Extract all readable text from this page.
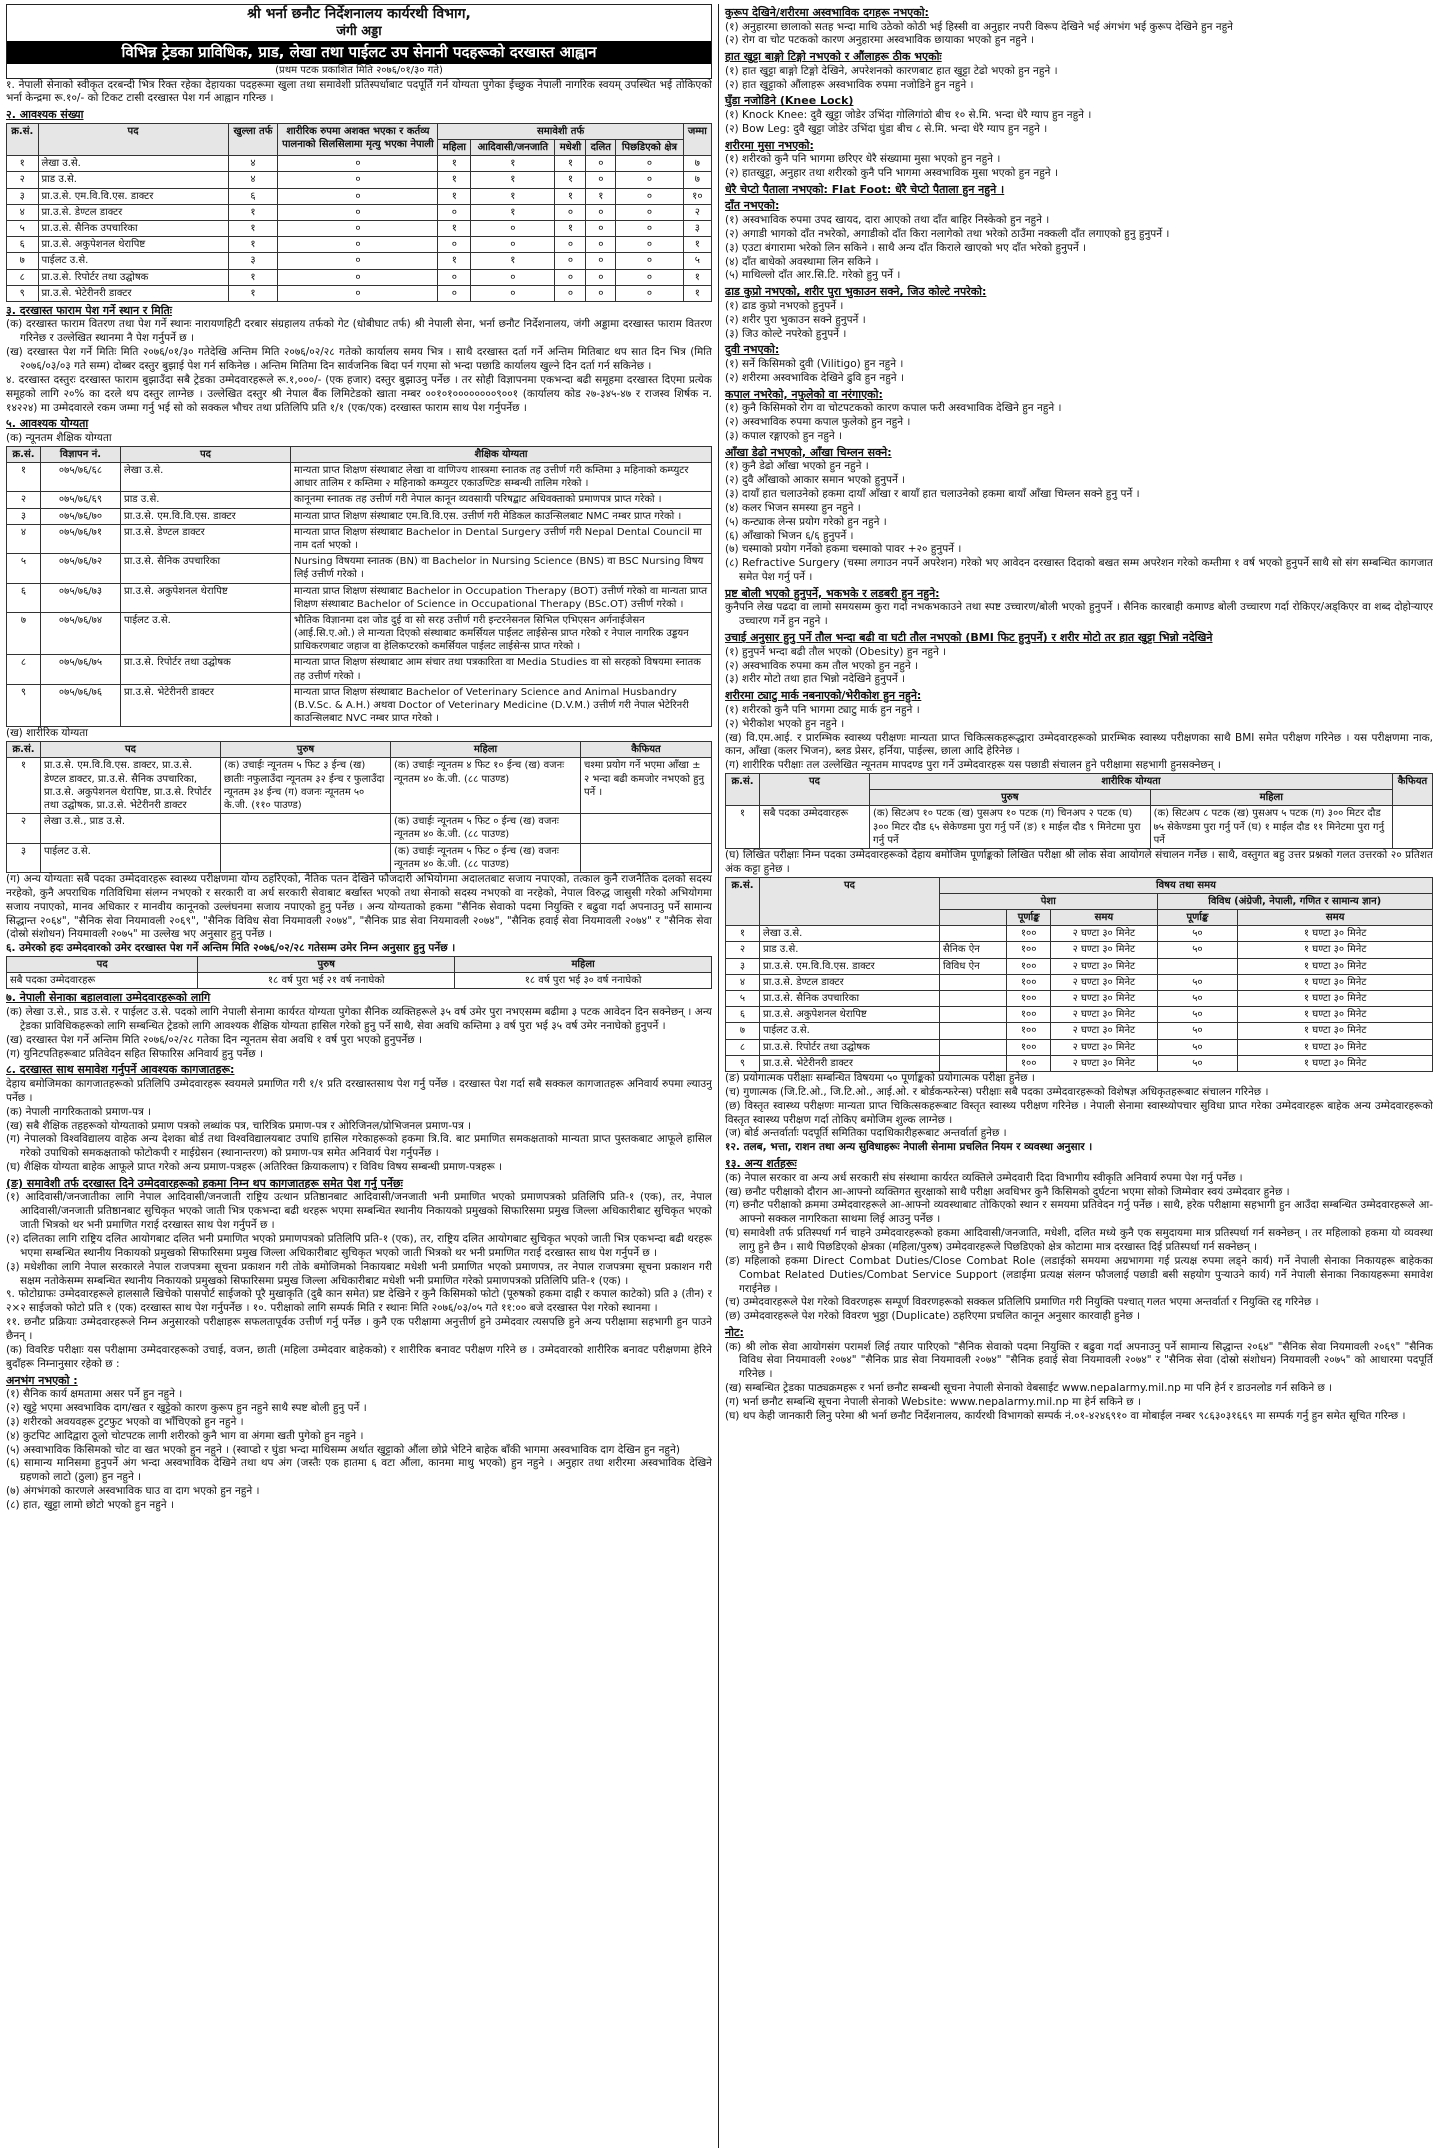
श्री भर्ना छनौट निर्देशनालय कार्यरथी विभाग,
जंगी अड्डा
विभिन्न ट्रेडका प्राविधिक, प्राड, लेखा तथा पाईलट उप सेनानी पदहरूको दरखास्त आह्वान
(प्रथम पटक प्रकाशित मिति २०७६/०१/३० गते)

१. नेपाली सेनाको स्वीकृत दरबन्दी भित्र रिक्त रहेका देहायका पदहरूमा खुला तथा समावेशी प्रतिस्पर्धाबाट पदपूर्ति गर्न योग्यता पुगेका ईच्छुक नेपाली नागरिक स्वयम् उपस्थित भई तोकिएको भर्ना केन्द्रमा रू.१०/- को टिकट टासी दरखास्त पेश गर्न आह्वान गरिन्छ ।

२. आवश्यक संख्या
क्र.सं.	पद	खुल्ला तर्फ	शारीरिक रुपमा अशक्त भएका र कर्तव्य पालनाको सिलसिलामा मृत्यु भएका नेपाली	समावेशी तर्फ					जम्मा
				महिला	आदिवासी/जनजाति	मधेशी	दलित	पिछडिएको क्षेत्र	
१	लेखा उ.से.	४	०	१	१	१	०	०	७
२	प्राड उ.से.	४	०	१	१	१	०	०	७
३	प्रा.उ.से. एम.वि.वि.एस. डाक्टर	६	०	१	१	१	१	०	१०
४	प्रा.उ.से. डेण्टल डाक्टर	१	०	०	१	०	०	०	२
५	प्रा.उ.से. सैनिक उपचारिका	१	०	१	०	१	०	०	३
६	प्रा.उ.से. अकुपेशनल थेरापिष्ट	१	०	०	०	०	०	०	१
७	पाईलट उ.से.	३	०	१	१	०	०	०	५
८	प्रा.उ.से. रिपोर्टर तथा उद्घोषक	१	०	०	०	०	०	०	१
९	प्रा.उ.से. भेटेरीनरी डाक्टर	१	०	०	०	०	०	०	१
३. दरखास्त फाराम पेश गर्ने स्थान र मितिः
(क) दरखास्त फाराम वितरण तथा पेश गर्ने स्थानः नारायणहिटी दरबार संग्रहालय तर्फको गेट (धोबीघाट तर्फ) श्री नेपाली सेना, भर्ना छनौट निर्देशनालय, जंगी अड्डामा दरखास्त फाराम वितरण गरिनेछ र उल्लेखित स्थानमा नै पेश गर्नुपर्ने छ ।
(ख) दरखास्त पेश गर्ने मितिः मिति २०७६/०१/३० गतेदेखि अन्तिम मिति २०७६/०२/२८ गतेको कार्यालय समय भित्र । साथै दरखास्त दर्ता गर्ने अन्तिम मितिबाट थप सात दिन भित्र (मिति २०७६/०३/०३ गते सम्म) दोब्बर दस्तुर बुझाई पेश गर्न सकिनेछ । अन्तिम मितिमा दिन सार्वजनिक बिदा पर्न गएमा सो भन्दा पछाडि कार्यालय खुल्ने दिन दर्ता गर्न सकिनेछ ।

४. दरखास्त दस्तुरः दरखास्त फाराम बुझाउँदा सबै ट्रेडका उम्मेदवारहरूले रू.१,०००/- (एक हजार) दस्तुर बुझाउनु पर्नेछ । तर सोही विज्ञापनमा एकभन्दा बढी समूहमा दरखास्त दिएमा प्रत्येक समूहको लागि २०% का दरले थप दस्तुर लाग्नेछ । उल्लेखित दस्तुर श्री नेपाल बैंक लिमिटेडको खाता नम्बर ००१०१००००००००९००१ (कार्यालय कोड २७-३४५-४७ र राजस्व शिर्षक न. १४२२४) मा उम्मेदवारले रकम जम्मा गर्नु भई सो को सक्कल भौचर तथा प्रतिलिपि प्रति १/१ (एक/एक) दरखास्त फाराम साथ पेश गर्नुपर्नेछ ।

५. आवश्यक योग्यता
(क) न्यूनतम शैक्षिक योग्यता
क्र.सं.	विज्ञापन नं.	पद	शैक्षिक योग्यता
१	०७५/७६/६८	लेखा उ.से.	मान्यता प्राप्त शिक्षण संस्थाबाट लेखा वा वाणिज्य शास्त्रमा स्नातक तह उत्तीर्ण गरी कम्तिमा ३ महिनाको कम्प्युटर आधार तालिम र कम्तिमा २ महिनाको कम्प्युटर एकाउण्टिङ सम्बन्धी तालिम गरेको ।
२	०७५/७६/६९	प्राड उ.से.	कानूनमा स्नातक तह उत्तीर्ण गरी नेपाल कानून व्यवसायी परिषद्बाट अधिवक्ताको प्रमाणपत्र प्राप्त गरेको ।
३	०७५/७६/७०	प्रा.उ.से. एम.वि.वि.एस. डाक्टर	मान्यता प्राप्त शिक्षण संस्थाबाट एम.वि.वि.एस. उत्तीर्ण गरी मेडिकल काउन्सिलबाट NMC नम्बर प्राप्त गरेको ।
४	०७५/७६/७१	प्रा.उ.से. डेण्टल डाक्टर	मान्यता प्राप्त शिक्षण संस्थाबाट Bachelor in Dental Surgery उत्तीर्ण गरी Nepal Dental Council मा नाम दर्ता भएको ।
५	०७५/७६/७२	प्रा.उ.से. सैनिक उपचारिका	Nursing विषयमा स्नातक (BN) वा Bachelor in Nursing Science (BNS) वा BSC Nursing विषय लिई उत्तीर्ण गरेको ।
६	०७५/७६/७३	प्रा.उ.से. अकुपेशनल थेरापिष्ट	मान्यता प्राप्त शिक्षण संस्थाबाट Bachelor in Occupation Therapy (BOT) उत्तीर्ण गरेको वा मान्यता प्राप्त शिक्षण संस्थाबाट Bachelor of Science in Occupational Therapy (BSc.OT) उत्तीर्ण गरेको ।
७	०७५/७६/७४	पाईलट उ.से.	भौतिक विज्ञानमा दश जोड दुई वा सो सरह उत्तीर्ण गरी इन्टरनेसनल सिभिल एभिएसन अर्गनाईजेसन (आई.सि.ए.ओ.) ले मान्यता दिएको संस्थाबाट कमर्सियल पाईलट लाईसेन्स प्राप्त गरेको र नेपाल नागरिक उड्डयन प्राधिकरणबाट जहाज वा हेलिकप्टरको कमर्सियल पाईलट लाईसेन्स प्राप्त गरेको ।
८	०७५/७६/७५	प्रा.उ.से. रिपोर्टर तथा उद्घोषक	मान्यता प्राप्त शिक्षण संस्थाबाट आम संचार तथा पत्रकारिता वा Media Studies वा सो सरहको विषयमा स्नातक तह उत्तीर्ण गरेको ।
९	०७५/७६/७६	प्रा.उ.से. भेटेरीनरी डाक्टर	मान्यता प्राप्त शिक्षण संस्थाबाट Bachelor of Veterinary Science and Animal Husbandry (B.V.Sc. & A.H.) अथवा Doctor of Veterinary Medicine (D.V.M.) उत्तीर्ण गरी नेपाल भेटेरिनरी काउन्सिलबाट NVC नम्बर प्राप्त गरेको ।
(ख) शारीरिक योग्यता
क्र.सं.	पद	पुरुष	महिला	कैफियत
१	प्रा.उ.से. एम.वि.वि.एस. डाक्टर, प्रा.उ.से. डेण्टल डाक्टर, प्रा.उ.से. सैनिक उपचारिका, प्रा.उ.से. अकुपेशनल थेरापिष्ट, प्रा.उ.से. रिपोर्टर तथा उद्घोषक, प्रा.उ.से. भेटेरीनरी डाक्टर	(क) उचाईः न्यूनतम ५ फिट ३ ईन्च (ख) छातीः नफुलाउँदा न्यूनतम ३२ ईन्च र फुलाउँदा न्यूनतम ३४ ईन्च (ग) वजनः न्यूनतम ५० के.जी. (११० पाउण्ड)	(क) उचाईः न्यूनतम ४ फिट १० ईन्च (ख) वजनः न्यूनतम ४० के.जी. (८८ पाउण्ड)	चश्मा प्रयोग गर्ने भएमा आँखा ± २ भन्दा बढी कमजोर नभएको हुनु पर्ने ।
२	लेखा उ.से., प्राड उ.से.		(क) उचाईः न्यूनतम ५ फिट ० ईन्च (ख) वजनः न्यूनतम ४० के.जी. (८८ पाउण्ड)	
३	पाईलट उ.से.		(क) उचाईः न्यूनतम ५ फिट ० ईन्च (ख) वजनः न्यूनतम ४० के.जी. (८८ पाउण्ड)	

(ग) अन्य योग्यताः सबै पदका उम्मेदवारहरू स्वास्थ्य परीक्षणमा योग्य ठहरिएको, नैतिक पतन देखिने फौजदारी अभियोगमा अदालतबाट सजाय नपाएको, तत्काल कुनै राजनैतिक दलको सदस्य नरहेको, कुनै अपराधिक गतिविधिमा संलग्न नभएको र सरकारी वा अर्ध सरकारी सेवाबाट बर्खास्त भएको तथा सेनाको सदस्य नभएको वा नरहेको, नेपाल विरुद्ध जासुसी गरेको अभियोगमा सजाय नपाएको, मानव अधिकार र मानवीय कानूनको उल्लंघनमा सजाय नपाएको हुनु पर्नेछ । अन्य योग्यताको हकमा "सैनिक सेवाको पदमा नियुक्ति र बढुवा गर्दा अपनाउनु पर्ने सामान्य सिद्धान्त २०६४", "सैनिक सेवा नियमावली २०६९", "सैनिक विविध सेवा नियमावली २०७४", "सैनिक प्राड सेवा नियमावली २०७४", "सैनिक हवाई सेवा नियमावली २०७४" र "सैनिक सेवा (दोस्रो संशोधन) नियमावली २०७५" मा उल्लेख भए अनुसार हुनु पर्नेछ ।

६. उमेरको हदः उम्मेदवारको उमेर दरखास्त पेश गर्ने अन्तिम मिति २०७६/०२/२८ गतेसम्म उमेर निम्न अनुसार हुनु पर्नेछ ।
पद	पुरुष	महिला
सबै पदका उम्मेदवारहरू	१८ वर्ष पुरा भई २१ वर्ष ननाघेको	१८ वर्ष पुरा भई ३० वर्ष ननाघेको
७. नेपाली सेनाका बहालवाला उम्मेदवारहरूको लागि
(क) लेखा उ.से., प्राड उ.से. र पाईलट उ.से. पदको लागि नेपाली सेनामा कार्यरत योग्यता पुगेका सैनिक व्यक्तिहरूले ३५ वर्ष उमेर पुरा नभएसम्म बढीमा ३ पटक आवेदन दिन सक्नेछन् । अन्य ट्रेडका प्राविधिकहरूको लागि सम्बन्धित ट्रेडको लागि आवश्यक शैक्षिक योग्यता हासिल गरेको हुनु पर्ने साथै, सेवा अवधि कम्तिमा ३ वर्ष पुरा भई ३५ वर्ष उमेर ननाघेको हुनुपर्ने ।
(ख) दरखास्त पेश गर्ने अन्तिम मिति २०७६/०२/२८ गतेका दिन न्यूनतम सेवा अवधि १ वर्ष पुरा भएको हुनुपर्नेछ ।
(ग) युनिटपतिहरूबाट प्रतिवेदन सहित सिफारिस अनिवार्य हुनु पर्नेछ ।
८. दरखास्त साथ समावेश गर्नुपर्ने आवश्यक कागजातहरू:

देहाय बमोजिमका कागजातहरूको प्रतिलिपि उम्मेदवारहरू स्वयमले प्रमाणित गरी १/१ प्रति दरखास्तसाथ पेश गर्नु पर्नेछ । दरखास्त पेश गर्दा सबै सक्कल कागजातहरू अनिवार्य रुपमा ल्याउनु पर्नेछ ।

(क) नेपाली नागरिकताको प्रमाण-पत्र ।
(ख) सबै शैक्षिक तहहरूको योग्यताको प्रमाण पत्रको लब्धांक पत्र, चारित्रिक प्रमाण-पत्र र ओरिजिनल/प्रोभिजनल प्रमाण-पत्र ।
(ग) नेपालको विश्वविद्यालय वाहेक अन्य देशका बोर्ड तथा विश्वविद्यालयबाट उपाधि हासिल गरेकाहरूको हकमा त्रि.वि. बाट प्रमाणित समकक्षताको मान्यता प्राप्त पुस्तकबाट आफूले हासिल गरेको उपाधिको समकक्षताको फोटोकपी र माईग्रेसन (स्थानान्तरण) को प्रमाण-पत्र समेत अनिवार्य पेश गर्नुपर्नेछ ।
(घ) शैक्षिक योग्यता बाहेक आफूले प्राप्त गरेको अन्य प्रमाण-पत्रहरू (अतिरिक्त क्रियाकलाप) र विविध विषय सम्बन्धी प्रमाण-पत्रहरू ।
(ङ) समावेशी तर्फ दरखास्त दिने उम्मेदवारहरूको हकमा निम्न थप कागजातहरू समेत पेश गर्नु पर्नेछः
(१) आदिवासी/जनजातीका लागि नेपाल आदिवासी/जनजाती राष्ट्रिय उत्थान प्रतिष्ठानबाट आदिवासी/जनजाती भनी प्रमाणित भएको प्रमाणपत्रको प्रतिलिपि प्रति-१ (एक), तर, नेपाल आदिवासी/जनजाती प्रतिष्ठानबाट सुचिकृत भएको जाती भित्र एकभन्दा बढी थरहरू भएमा सम्बन्धित स्थानीय निकायको प्रमुखको सिफारिसमा प्रमुख जिल्ला अधिकारीबाट सुचिकृत भएको जाती भित्रको थर भनी प्रमाणित गराई दरखास्त साथ पेश गर्नुपर्ने छ ।
(२) दलितका लागि राष्ट्रिय दलित आयोगबाट दलित भनी प्रमाणित भएको प्रमाणपत्रको प्रतिलिपि प्रति-१ (एक), तर, राष्ट्रिय दलित आयोगबाट सुचिकृत भएको जाती भित्र एकभन्दा बढी थरहरू भएमा सम्बन्धित स्थानीय निकायको प्रमुखको सिफारिसमा प्रमुख जिल्ला अधिकारीबाट सुचिकृत भएको जाती भित्रको थर भनी प्रमाणित गराई दरखास्त साथ पेश गर्नुपर्ने छ ।
(३) मधेशीका लागि नेपाल सरकारले नेपाल राजपत्रमा सूचना प्रकाशन गरी तोके बमोजिमको निकायबाट मधेशी भनी प्रमाणित भएको प्रमाणपत्र, तर नेपाल राजपत्रमा सूचना प्रकाशन गरी सक्षम नतोकेसम्म सम्बन्धित स्थानीय निकायको प्रमुखको सिफारिसमा प्रमुख जिल्ला अधिकारीबाट मधेशी भनी प्रमाणित गरेको प्रमाणपत्रको प्रतिलिपि प्रति-१ (एक) ।

९. फोटोग्राफः उम्मेदवारहरूले हालसालै खिचेको पासपोर्ट साईजको पूरै मुखाकृति (दुबै कान समेत) प्रष्ट देखिने र कुनै किसिमको फोटो (पूरुषको हकमा दाह्री र कपाल काटेको) प्रति ३ (तीन) र २×२ साईजको फोटो प्रति १ (एक) दरखास्त साथ पेश गर्नुपर्नेछ । १०. परीक्षाको लागि सम्पर्क मिति र स्थानः मिति २०७६/०३/०५ गते ११:०० बजे दरखास्त पेश गरेको स्थानमा ।

११. छनौट प्रक्रियाः उम्मेदवारहरूले निम्न अनुसारको परीक्षाहरू सफलतापूर्वक उत्तीर्ण गर्नु पर्नेछ । कुनै एक परीक्षामा अनुत्तीर्ण हुने उम्मेदवार त्यसपछि हुने अन्य परीक्षामा सहभागी हुन पाउने छैनन् ।

(क) विवरिङ परीक्षाः यस परीक्षामा उम्मेदवारहरूको उचाई, वजन, छाती (महिला उम्मेदवार बाहेकको) र शारीरिक बनावट परीक्षण गरिने छ । उम्मेदवारको शारीरिक बनावट परीक्षणमा हेरिने बुदाँहरू निम्नानुसार रहेको छ :

अनभंग नभएको :
(१) सैनिक कार्य क्षमतामा असर पर्ने हुन नहुने ।
(२) खुट्टे भएमा अस्वभाविक दाग/खत र खुट्टेको कारण कुरूप हुन नहुने साथै स्पष्ट बोली हुनु पर्ने ।
(३) शरीरको अवयवहरू टुटफुट भएको वा भाँचिएको हुन नहुने ।
(४) कुटपिट आदिद्वारा ठूलो चोटपटक लागी शरीरको कुनै भाग वा अंगमा खती पुगेको हुन नहुने ।
(५) अस्वाभाविक किसिमको चोट वा खत भएको हुन नहुने । (स्वाप्डो र घुंडा भन्दा माथिसम्म अर्थात खुट्टाको औंला छोप्ने भेटिने बाहेक बाँकी भागमा अस्वभाविक दाग देखिन हुन नहुने)
(६) सामान्य मानिसमा हुनुपर्ने अंग भन्दा अस्वभाविक देखिने तथा थप अंग (जस्तैः एक हातमा ६ वटा औंला, कानमा माथु भएको) हुन नहुने । अनुहार तथा शरीरमा अस्वभाविक देखिने ग्रहणको लाटो (ठुला) हुन नहुने ।
(७) अंगभंगको कारणले अस्वभाविक घाउ वा दाग भएको हुन नहुने ।
(८) हात, खुट्टा लामो छोटो भएको हुन नहुने ।
कुरूप देखिने/शरीरमा अस्वभाविक दगहरू नभएको:
(१) अनुहारमा छालाको सतह भन्दा माथि उठेको कोठी भई हिस्सी वा अनुहार नपरी विरूप देखिने भई अंगभंग भई कुरूप देखिने हुन नहुने
(२) रोग वा चोट पटकको कारण अनुहारमा अस्वभाविक छायाका भएको हुन नहुने ।
हात खुट्टा बाङ्गो टिङ्गो नभएको र औंलाहरू ठीक भएकोः
(१) हात खुट्टा बाङ्गो टिङ्गो देखिने, अपरेशनको कारणबाट हात खुट्टा टेढो भएको हुन नहुने ।
(२) हात खुट्टाको औंलाहरू अस्वभाविक रुपमा नजोडिने हुन नहुने ।
घुँडा नजोडिने (Knee Lock)
(१) Knock Knee: दुवै खुट्टा जोडेर उभिंदा गोलिगांठो बीच १० से.मि. भन्दा धेरै ग्याप हुन नहुने ।
(२) Bow Leg: दुवै खुट्टा जोडेर उभिंदा घुंडा बीच ८ से.मि. भन्दा धेरै ग्याप हुन नहुने ।
शरीरमा मुसा नभएको:
(१) शरीरको कुनै पनि भागमा छरिएर धेरै संख्यामा मुसा भएको हुन नहुने ।
(२) हातखुट्टा, अनुहार तथा शरीरको कुनै पनि भागमा अस्वभाविक मुसा भएको हुन नहुने ।
धेरै चेप्टो पैताला नभएको: Flat Foot: धेरै चेप्टो पैताला हुन नहुने ।
दाँत नभएको:
(१) अस्वभाविक रुपमा उपद खायद, दारा आएको तथा दाँत बाहिर निस्केको हुन नहुने ।
(२) अगाडी भागको दाँत नभरेको, अगाडीको दाँत किरा नलागेको तथा भरेको ठाउँमा नक्कली दाँत लगाएको हुनु हुनुपर्ने ।
(३) एउटा बंगारामा भरेको लिन सकिने । साथै अन्य दाँत किराले खाएको भए दाँत भरेको हुनुपर्ने ।
(४) दाँत बाधेको अवस्थामा लिन सकिने ।
(५) माथिल्लो दाँत आर.सि.टि. गरेको हुनु पर्ने ।
ढाड कुप्रो नभएको, शरीर पुरा भुकाउन सक्ने, जिउ कोल्टे नपरेको:
(१) ढाड कुप्रो नभएको हुनुपर्ने ।
(२) शरीर पुरा भुकाउन सक्ने हुनुपर्ने ।
(३) जिउ कोल्टे नपरेको हुनुपर्ने ।
दुवी नभएको:
(१) सर्ने किसिमको दुवी (Vilitigo) हुन नहुने ।
(२) शरीरमा अस्वभाविक देखिने ढुवि हुन नहुने ।
कपाल नभरेको, नफुलेको वा नरंगाएको:
(१) कुनै किसिमको रोग वा चोटपटकको कारण कपाल फरी अस्वभाविक देखिने हुन नहुने ।
(२) अस्वभाविक रुपमा कपाल फुलेको हुन नहुने ।
(३) कपाल रङ्गाएको हुन नहुने ।
आँखा डेढो नभएको, आँखा चिम्लन सक्ने:
(१) कुनै डेढो आँखा भएको हुन नहुने ।
(२) दुवै आँखाको आकार समान भएको हुनुपर्ने ।
(३) दायाँ हात चलाउनेको हकमा दायाँ आँखा र बायाँ हात चलाउनेको हकमा बायाँ आँखा चिम्लन सक्ने हुनु पर्ने ।
(४) कलर भिजन समस्या हुन नहुने ।
(५) कन्ट्याक लेन्स प्रयोग गरेको हुन नहुने ।
(६) आँखाको भिजन ६/६ हुनुपर्ने ।
(७) चस्माको प्रयोग गर्नेको हकमा चस्माको पावर +२० हुनुपर्ने ।
(८) Refractive Surgery (चस्मा लगाउन नपर्ने अपरेशन) गरेको भए आवेदन दरखास्त दिदाको बखत सम्म अपरेशन गरेको कम्तीमा १ वर्ष भएको हुनुपर्ने साथै सो संग सम्बन्धित कागजात समेत पेश गर्नु पर्ने ।
प्रष्ट बोली भएको हुनुपर्ने, भकभके र लडबरी हुन नहुने:
कुनैपनि लेख पढदा वा लामो समयसम्म कुरा गर्दा नभकभकाउने तथा स्पष्ट उच्चारण/बोली भएको हुनुपर्ने । सैनिक कारबाही कमाण्ड बोली उच्चारण गर्दा रोकिएर/अड्किएर वा शब्द दोहोर्‍याएर उच्चारण गर्ने हुन नहुने ।
उचाई अनुसार हुनु पर्ने तौल भन्दा बढी वा घटी तौल नभएको (BMI फिट हुनुपर्ने) र शरीर मोटो तर हात खुट्टा भिन्नो नदेखिने
(१) हुनुपर्ने भन्दा बढी तौल भएको (Obesity) हुन नहुने ।
(२) अस्वभाविक रुपमा कम तौल भएको हुन नहुने ।
(३) शरीर मोटो तथा हात भिन्नो नदेखिने हुनुपर्ने ।
शरीरमा ट्याटु मार्क नबनाएको/भेरीकोश हुन नहुने:
(१) शरीरको कुनै पनि भागमा ट्याटु मार्क हुन नहुने ।
(२) भेरीकोश भएको हुन नहुने ।

(ख) वि.एम.आई. र प्रारम्भिक स्वास्थ्य परीक्षणः मान्यता प्राप्त चिकित्सकहरूद्धारा उम्मेदवारहरूको प्रारम्भिक स्वास्थ्य परीक्षणका साथै BMI समेत परीक्षण गरिनेछ । यस परीक्षणमा नाक, कान, आँखा (कलर भिजन), ब्लड प्रेसर, हर्निया, पाईल्स, छाला आदि हेरिनेछ ।

(ग) शारीरिक परीक्षाः तल उल्लेखित न्यूनतम मापदण्ड पुरा गर्ने उम्मेदवारहरू यस पछाडी संचालन हुने परीक्षामा सहभागी हुनसक्नेछन् ।

क्र.सं.	पद	शारीरिक योग्यता		कैफियत
		पुरुष	महिला	
१	सबै पदका उम्मेदवारहरू	(क) सिटअप १० पटक (ख) पुसअप १० पटक (ग) चिनअप २ पटक (घ) ३०० मिटर दौड ६५ सेकेण्डमा पुरा गर्नु पर्ने (ङ) १ माईल दौड ९ मिनेटमा पुरा गर्नु पर्ने	(क) सिटअप ८ पटक (ख) पुसअप ५ पटक (ग) ३०० मिटर दौड ७५ सेकेण्डमा पुरा गर्नु पर्ने (घ) १ माईल दौड ११ मिनेटमा पुरा गर्नु पर्ने	

(घ) लिखित परीक्षाः निम्न पदका उम्मेदवारहरूको देहाय बमोजिम पूर्णाङ्कको लिखित परीक्षा श्री लोक सेवा आयोगले संचालन गर्नेछ । साथै, वस्तुगत बहु उत्तर प्रश्नको गलत उत्तरको २० प्रतिशत अंक कट्टा हुनेछ ।

क्र.सं.	पद	विषय तथा समय				
		पेशा			विविध (अंग्रेजी, नेपाली, गणित र सामान्य ज्ञान)	
			पूर्णाङ्क	समय	पूर्णाङ्क	समय
१	लेखा उ.से.		१००	२ घण्टा ३० मिनेट	५०	१ घण्टा ३० मिनेट
२	प्राड उ.से.	सैनिक ऐन	१००	२ घण्टा ३० मिनेट	५०	१ घण्टा ३० मिनेट
३	प्रा.उ.से. एम.वि.वि.एस. डाक्टर	विविध ऐन	१००	२ घण्टा ३० मिनेट		१ घण्टा ३० मिनेट
४	प्रा.उ.से. डेण्टल डाक्टर		१००	२ घण्टा ३० मिनेट	५०	१ घण्टा ३० मिनेट
५	प्रा.उ.से. सैनिक उपचारिका		१००	२ घण्टा ३० मिनेट	५०	१ घण्टा ३० मिनेट
६	प्रा.उ.से. अकुपेशनल थेरापिष्ट		१००	२ घण्टा ३० मिनेट	५०	१ घण्टा ३० मिनेट
७	पाईलट उ.से.		१००	२ घण्टा ३० मिनेट	५०	१ घण्टा ३० मिनेट
८	प्रा.उ.से. रिपोर्टर तथा उद्घोषक		१००	२ घण्टा ३० मिनेट	५०	१ घण्टा ३० मिनेट
९	प्रा.उ.से. भेटेरीनरी डाक्टर		१००	२ घण्टा ३० मिनेट	५०	१ घण्टा ३० मिनेट

(ङ) प्रयोगात्मक परीक्षाः सम्बन्धित विषयमा ५० पूर्णाङ्कको प्रयोगात्मक परीक्षा हुनेछ ।

(च) गुणात्मक (जि.टि.ओ., जि.टि.ओ., आई.ओ. र बोर्डकन्फरेन्स) परीक्षाः सबै पदका उम्मेदवारहरूको विशेषज्ञ अधिकृतहरूबाट संचालन गरिनेछ ।

(छ) विस्तृत स्वास्थ्य परीक्षणः मान्यता प्राप्त चिकित्सकहरूबाट विस्तृत स्वास्थ्य परीक्षण गरिनेछ । नेपाली सेनामा स्वास्थ्योपचार सुविधा प्राप्त गरेका उम्मेदवारहरू बाहेक अन्य उम्मेदवारहरूको विस्तृत स्वास्थ्य परीक्षण गर्दा तोकिए बमोजिम शुल्क लाग्नेछ ।

(ज) बोर्ड अन्तर्वार्ताः पदपूर्ति समितिका पदाधिकारीहरूबाट अन्तर्वार्ता हुनेछ ।

१२. तलब, भत्ता, राशन तथा अन्य सुविधाहरूः नेपाली सेनामा प्रचलित नियम र व्यवस्था अनुसार ।

१३. अन्य शर्तहरूः
(क) नेपाल सरकार वा अन्य अर्ध सरकारी संघ संस्थामा कार्यरत व्यक्तिले उम्मेदवारी दिदा विभागीय स्वीकृति अनिवार्य रुपमा पेश गर्नु पर्नेछ ।
(ख) छनौट परीक्षाको दौरान आ-आफ्नो व्यक्तिगत सुरक्षाको साथै परीक्षा अवधिभर कुनै किसिमको दुर्घटना भएमा सोको जिम्मेवार स्वयं उम्मेदवार हुनेछ ।
(ग) छनौट परीक्षाको क्रममा उम्मेदवारहरूले आ-आफ्नो व्यवस्थाबाट तोकिएको स्थान र समयमा प्रतिवेदन गर्नु पर्नेछ । साथै, हरेक परीक्षामा सहभागी हुन आउँदा सम्बन्धित उम्मेदवारहरूले आ-आफ्नो सक्कल नागरिकता साथमा लिई आउनु पर्नेछ ।
(घ) समावेशी तर्फ प्रतिस्पर्धा गर्न चाहने उम्मेदवारहरूको हकमा आदिवासी/जनजाति, मधेशी, दलित मध्ये कुनै एक समुदायमा मात्र प्रतिस्पर्धा गर्न सक्नेछन् । तर महिलाको हकमा यो व्यवस्था लागु हुने छैन । साथै पिछडिएको क्षेत्रका (महिला/पुरुष) उम्मेदवारहरूले पिछडिएको क्षेत्र कोटामा मात्र दरखास्त दिई प्रतिस्पर्धा गर्न सक्नेछन् ।
(ङ) महिलाको हकमा Direct Combat Duties/Close Combat Role (लडाईको समयमा अग्रभागमा गई प्रत्यक्ष रुपमा लड्ने कार्य) गर्ने नेपाली सेनाका निकायहरू बाहेकका Combat Related Duties/Combat Service Support (लडाईमा प्रत्यक्ष संलग्न फौजलाई पछाडी बसी सहयोग पुर्‍याउने कार्य) गर्ने नेपाली सेनाका निकायहरूमा समावेश गराईनेछ ।
(च) उम्मेदवारहरूले पेश गरेको विवरणहरू सम्पूर्ण विवरणहरूको सक्कल प्रतिलिपि प्रमाणित गरी नियुक्ति पश्चात् गलत भएमा अन्तर्वार्ता र नियुक्ति रद्द गरिनेछ ।
(छ) उम्मेदवारहरूले पेश गरेको विवरण भुठ्ठा (Duplicate) ठहरिएमा प्रचलित कानून अनुसार कारवाही हुनेछ ।
नोट:
(क) श्री लोक सेवा आयोगसंग परामर्श लिई तयार पारिएको "सैनिक सेवाको पदमा नियुक्ति र बढुवा गर्दा अपनाउनु पर्ने सामान्य सिद्धान्त २०६४" "सैनिक सेवा नियमावली २०६९" "सैनिक विविध सेवा नियमावली २०७४" "सैनिक प्राड सेवा नियमावली २०७४" "सैनिक हवाई सेवा नियमावली २०७४" र "सैनिक सेवा (दोस्रो संशोधन) नियमावली २०७५" को आधारमा पदपूर्ति गरिनेछ ।
(ख) सम्बन्धित ट्रेडका पाठ्यक्रमहरू र भर्ना छनौट सम्बन्धी सूचना नेपाली सेनाको वेबसाईट www.nepalarmy.mil.np मा पनि हेर्न र डाउनलोड गर्न सकिने छ ।
(ग) भर्ना छनौट सम्बन्धि सूचना नेपाली सेनाको Website: www.nepalarmy.mil.np मा हेर्न सकिने छ ।
(घ) थप केही जानकारी लिनु परेमा श्री भर्ना छनौट निर्देशनालय, कार्यरथी विभागको सम्पर्क नं.०१-४२४६९१० वा मोबाईल नम्बर ९८६३०३१६६९ मा सम्पर्क गर्नु हुन समेत सूचित गरिन्छ ।
